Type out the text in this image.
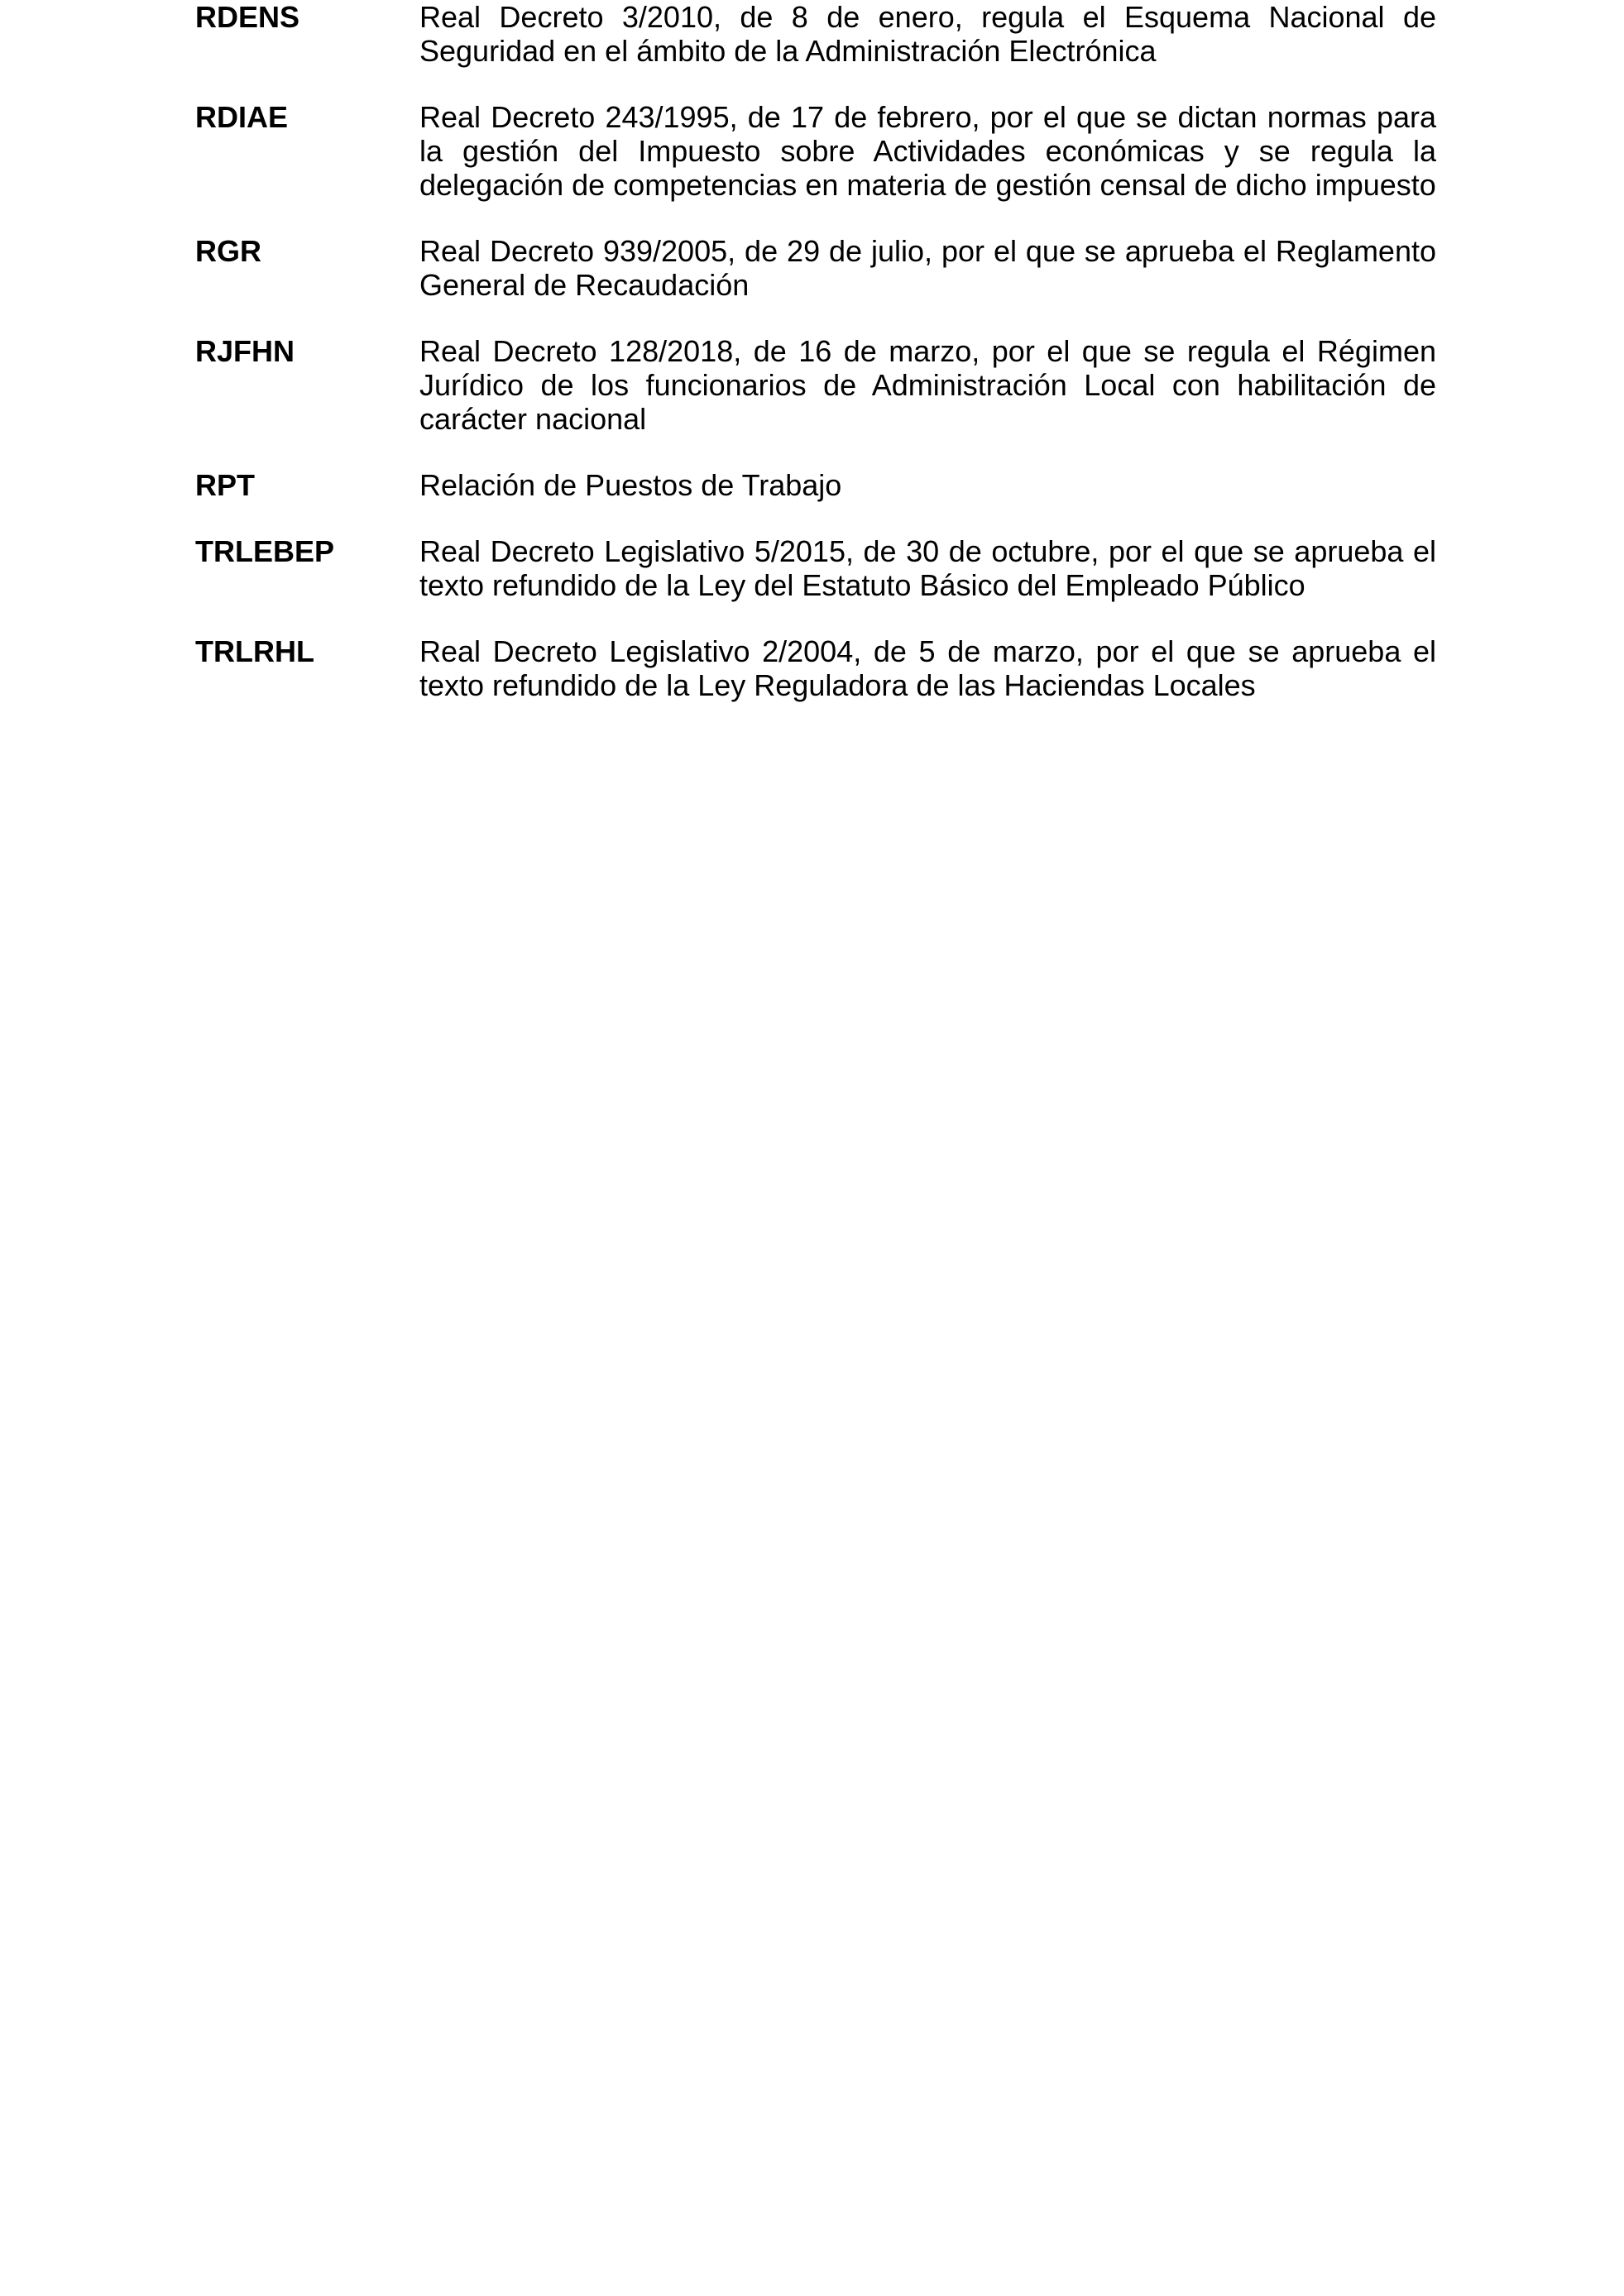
RDENS	Real Decreto 3/2010, de 8 de enero, regula el Esquema Nacional de Seguridad en el ámbito de la Administración Electrónica
RDIAE	Real Decreto 243/1995, de 17 de febrero, por el que se dictan normas para la gestión del Impuesto sobre Actividades económicas y se regula la delegación de competencias en materia de gestión censal de dicho impuesto
RGR	Real Decreto 939/2005, de 29 de julio, por el que se aprueba el Reglamento General de Recaudación
RJFHN	Real Decreto 128/2018, de 16 de marzo, por el que se regula el Régimen Jurídico de los funcionarios de Administración Local con habilitación de carácter nacional
RPT	Relación de Puestos de Trabajo
TRLEBEP	Real Decreto Legislativo 5/2015, de 30 de octubre, por el que se aprueba el texto refundido de la Ley del Estatuto Básico del Empleado Público
TRLRHL	Real Decreto Legislativo 2/2004, de 5 de marzo, por el que se aprueba el texto refundido de la Ley Reguladora de las Haciendas Locales
